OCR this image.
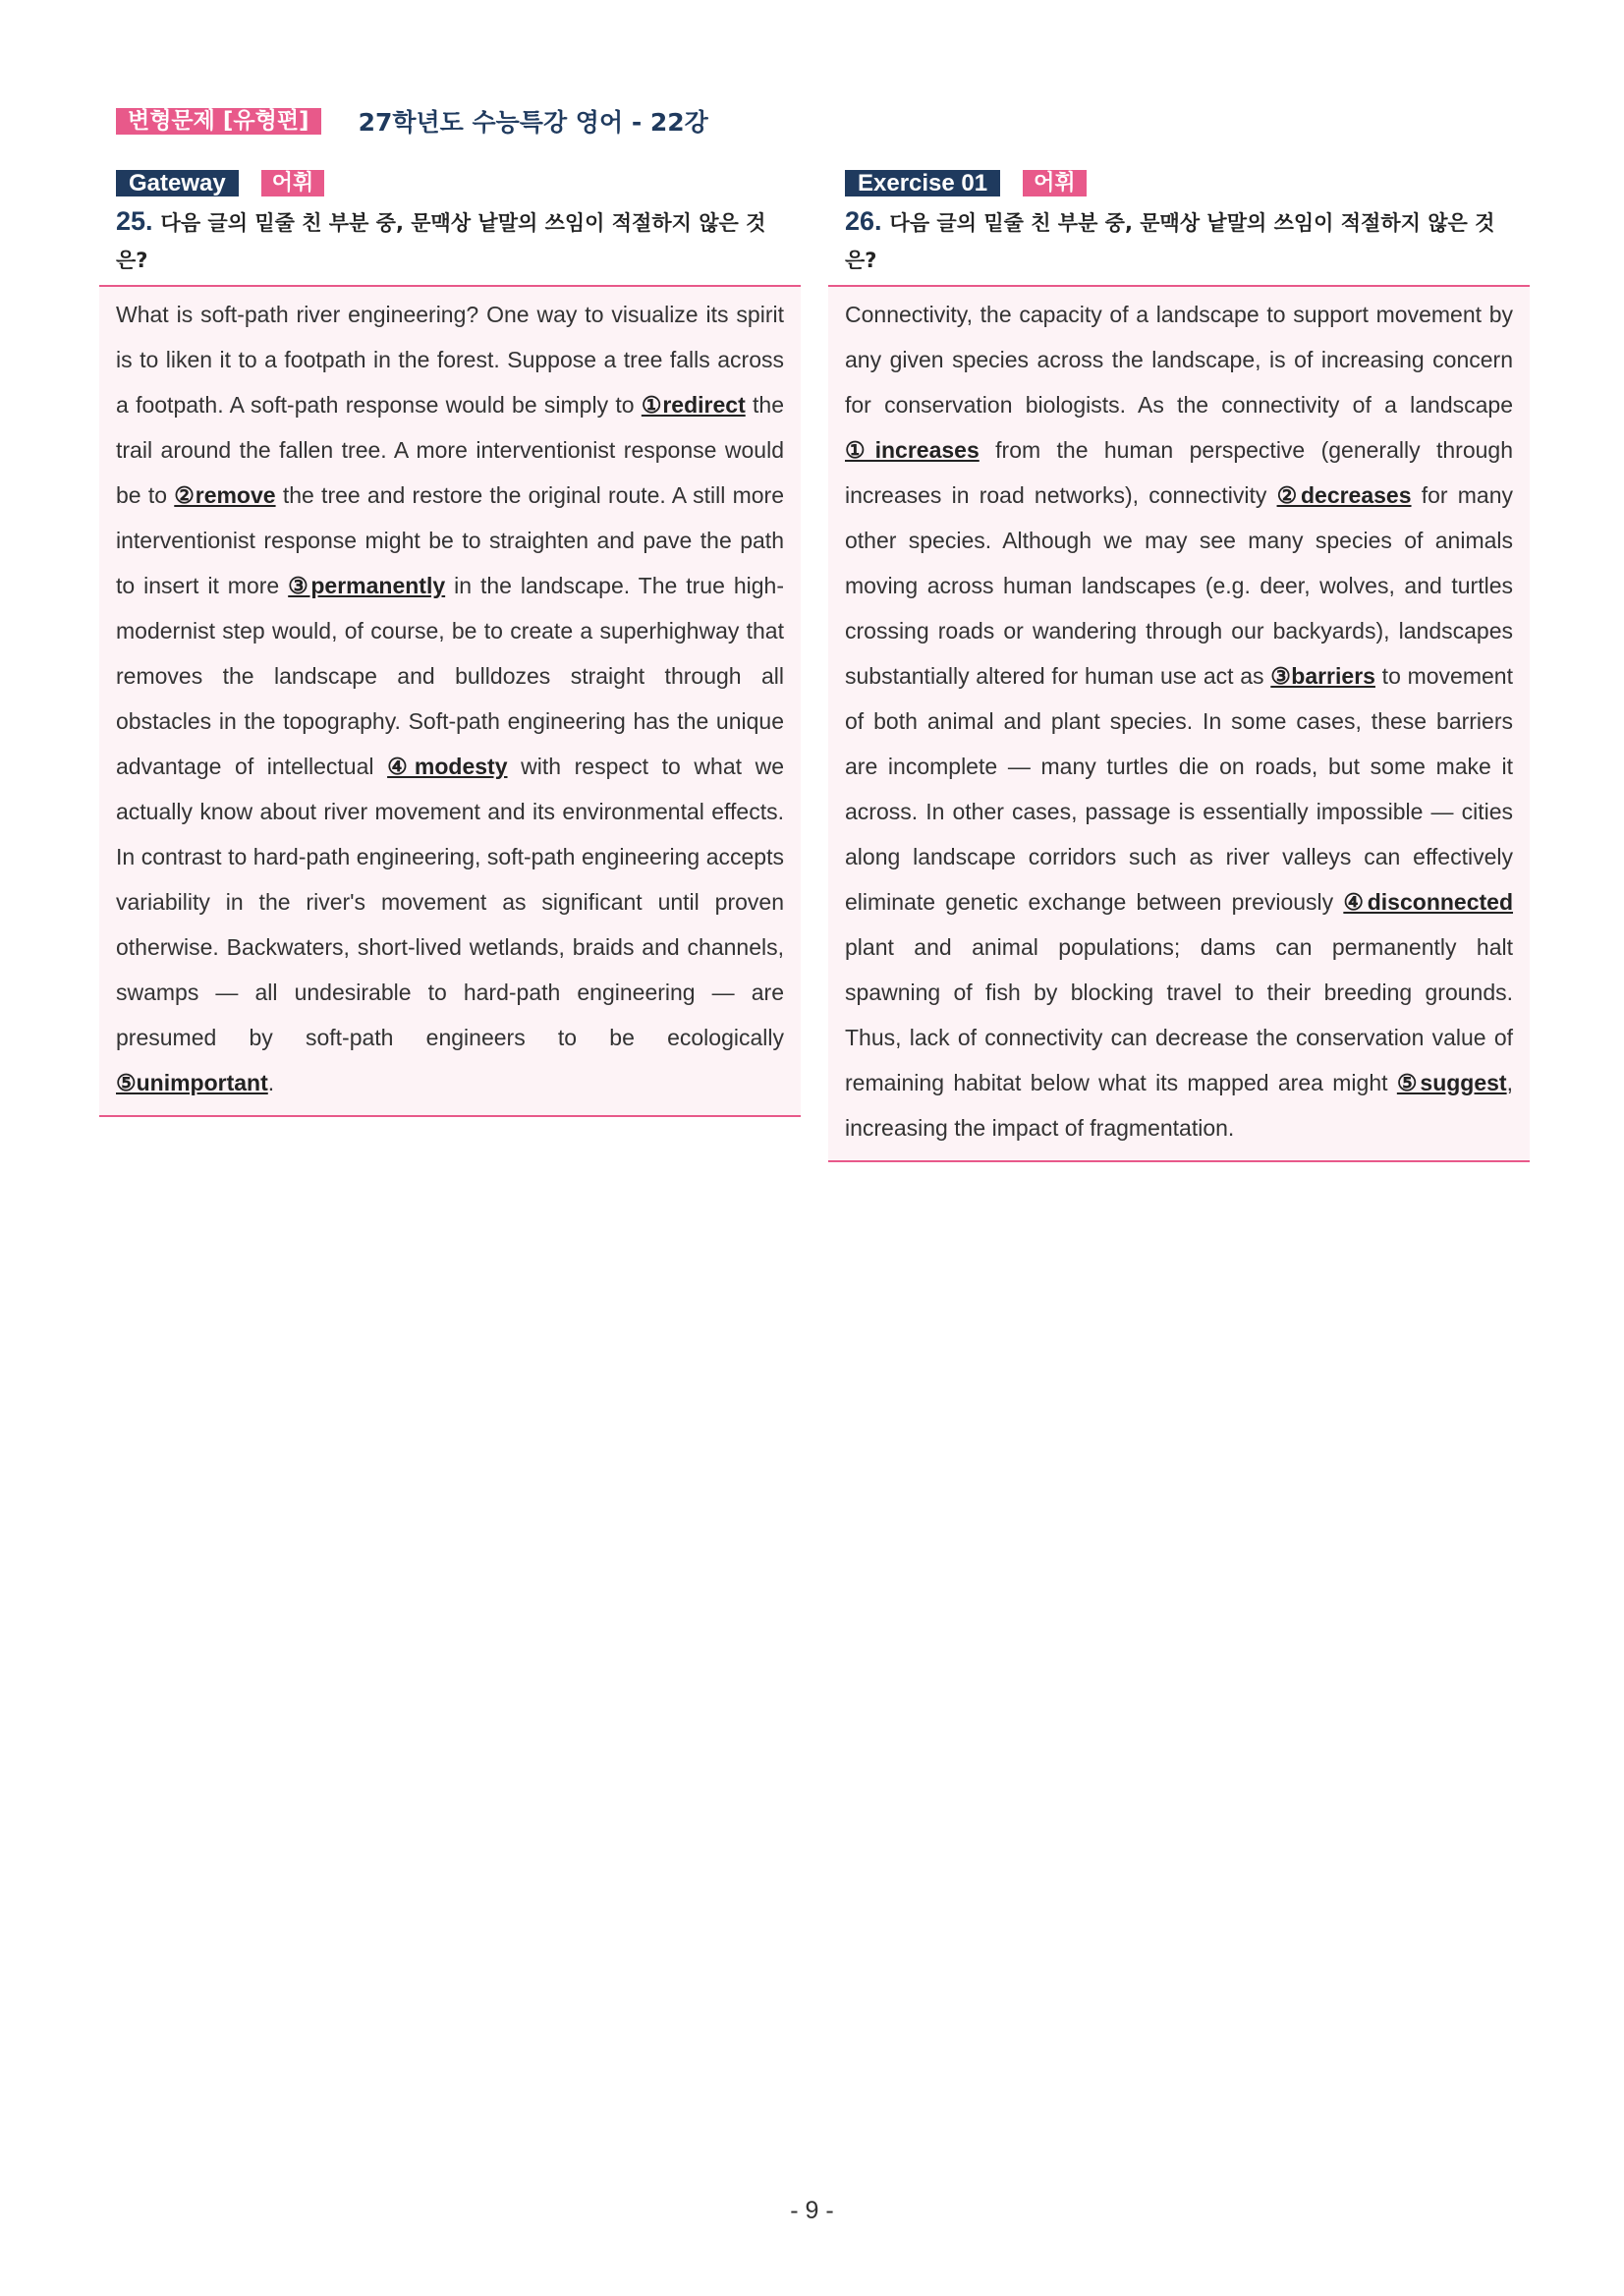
변형문제 [유형편]	27학년도 수능특강 영어 - 22강
Gateway	어휘
25. 다음 글의 밑줄 친 부분 중, 문맥상 낱말의 쓰임이 적절하지 않은 것은?
What is soft-path river engineering? One way to visualize its spirit is to liken it to a footpath in the forest. Suppose a tree falls across a footpath. A soft-path response would be simply to ①redirect the trail around the fallen tree. A more interventionist response would be to ②remove the tree and restore the original route. A still more interventionist response might be to straighten and pave the path to insert it more ③permanently in the landscape. The true high-modernist step would, of course, be to create a superhighway that removes the landscape and bulldozes straight through all obstacles in the topography. Soft-path engineering has the unique advantage of intellectual ④modesty with respect to what we actually know about river movement and its environmental effects. In contrast to hard-path engineering, soft-path engineering accepts variability in the river's movement as significant until proven otherwise. Backwaters, short-lived wetlands, braids and channels, swamps — all undesirable to hard-path engineering — are presumed by soft-path engineers to be ecologically ⑤unimportant.
Exercise 01	어휘
26. 다음 글의 밑줄 친 부분 중, 문맥상 낱말의 쓰임이 적절하지 않은 것은?
Connectivity, the capacity of a landscape to support movement by any given species across the landscape, is of increasing concern for conservation biologists. As the connectivity of a landscape ①increases from the human perspective (generally through increases in road networks), connectivity ②decreases for many other species. Although we may see many species of animals moving across human landscapes (e.g. deer, wolves, and turtles crossing roads or wandering through our backyards), landscapes substantially altered for human use act as ③barriers to movement of both animal and plant species. In some cases, these barriers are incomplete — many turtles die on roads, but some make it across. In other cases, passage is essentially impossible — cities along landscape corridors such as river valleys can effectively eliminate genetic exchange between previously ④disconnected plant and animal populations; dams can permanently halt spawning of fish by blocking travel to their breeding grounds. Thus, lack of connectivity can decrease the conservation value of remaining habitat below what its mapped area might ⑤suggest, increasing the impact of fragmentation.
- 9 -
